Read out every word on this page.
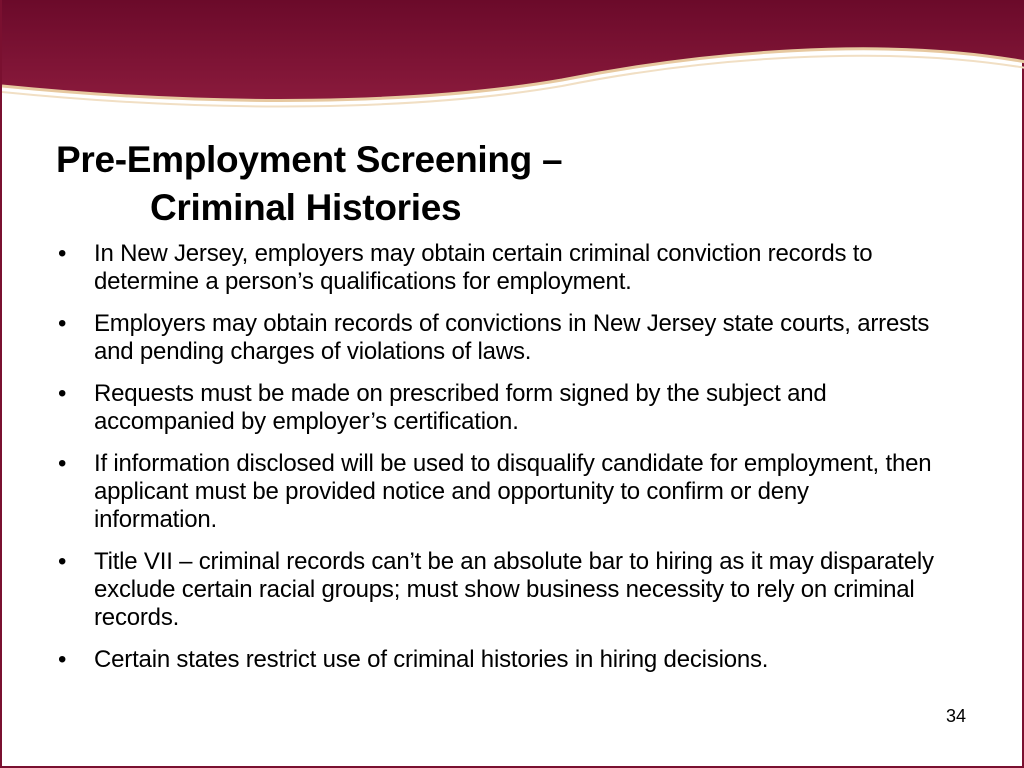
Pre-Employment Screening –
Criminal Histories
• In New Jersey, employers may obtain certain criminal conviction records to determine a person’s qualifications for employment.
• Employers may obtain records of convictions in New Jersey state courts, arrests and pending charges of violations of laws.
• Requests must be made on prescribed form signed by the subject and accompanied by employer’s certification.
• If information disclosed will be used to disqualify candidate for employment, then applicant must be provided notice and opportunity to confirm or deny information.
• Title VII – criminal records can’t be an absolute bar to hiring as it may disparately exclude certain racial groups; must show business necessity to rely on criminal records.
• Certain states restrict use of criminal histories in hiring decisions.
34
